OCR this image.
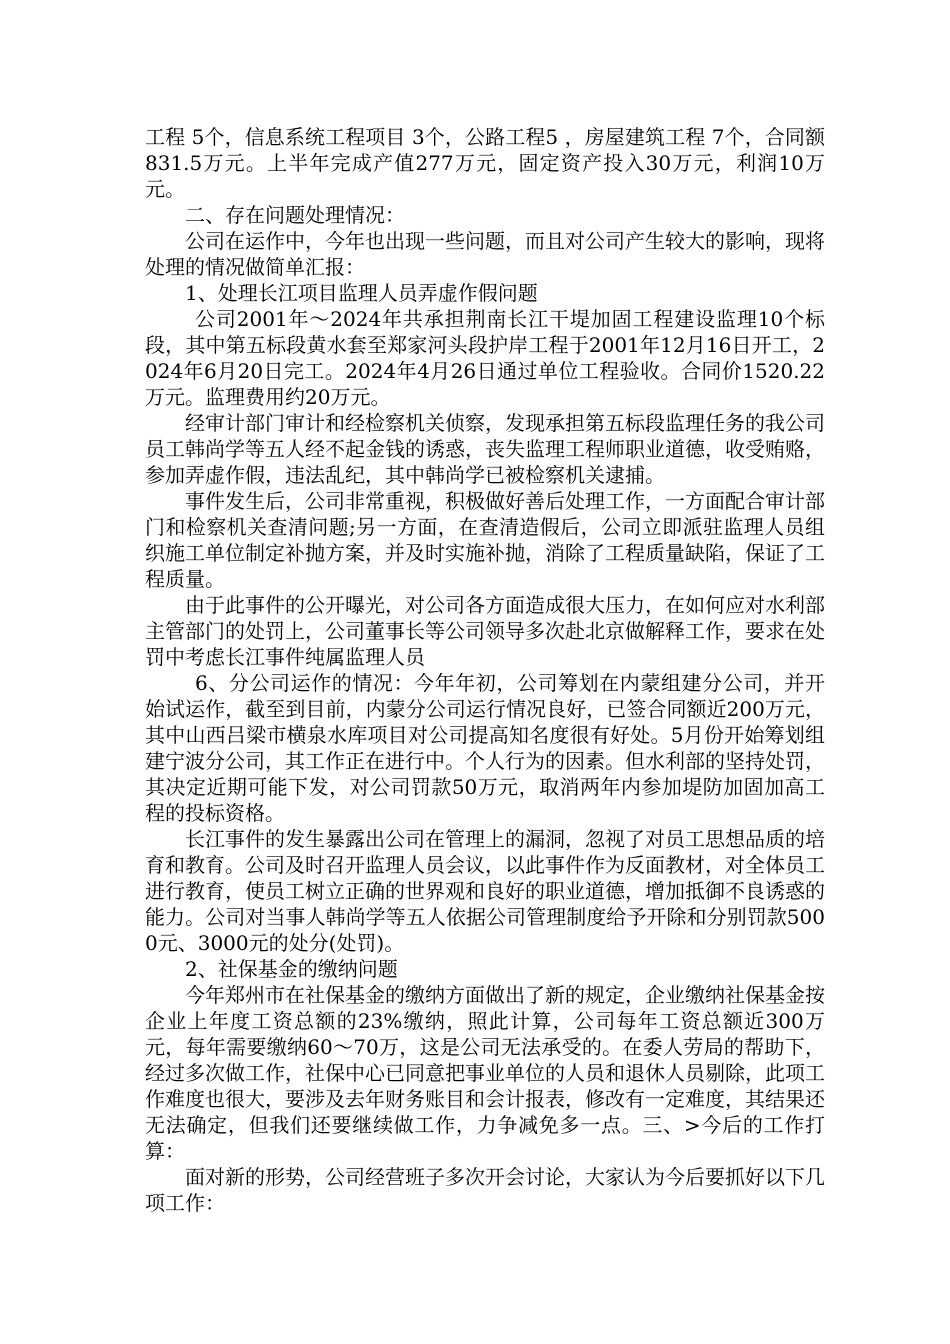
工程 5个，信息系统工程项目 3个，公路工程5 ，房屋建筑工程 7个，合同额831.5万元。上半年完成产值277万元，固定资产投入30万元，利润10万元。

二、存在问题处理情况：

公司在运作中，今年也出现一些问题，而且对公司产生较大的影响，现将处理的情况做简单汇报：

1、处理长江项目监理人员弄虚作假问题

公司2001年～2024年共承担荆南长江干堤加固工程建设监理10个标段，其中第五标段黄水套至郑家河头段护岸工程于2001年12月16日开工，2024年6月20日完工。2024年4月26日通过单位工程验收。合同价1520.22万元。监理费用约20万元。

经审计部门审计和经检察机关侦察，发现承担第五标段监理任务的我公司员工韩尚学等五人经不起金钱的诱惑，丧失监理工程师职业道德，收受贿赂，参加弄虚作假，违法乱纪，其中韩尚学已被检察机关逮捕。

事件发生后，公司非常重视，积极做好善后处理工作，一方面配合审计部门和检察机关查清问题;另一方面，在查清造假后，公司立即派驻监理人员组织施工单位制定补抛方案，并及时实施补抛，消除了工程质量缺陷，保证了工程质量。

由于此事件的公开曝光，对公司各方面造成很大压力，在如何应对水利部主管部门的处罚上，公司董事长等公司领导多次赴北京做解释工作，要求在处罚中考虑长江事件纯属监理人员

6、分公司运作的情况：今年年初，公司筹划在内蒙组建分公司，并开始试运作，截至到目前，内蒙分公司运行情况良好，已签合同额近200万元，其中山西吕梁市横泉水库项目对公司提高知名度很有好处。5月份开始筹划组建宁波分公司，其工作正在进行中。个人行为的因素。但水利部的坚持处罚，其决定近期可能下发，对公司罚款50万元，取消两年内参加堤防加固加高工程的投标资格。

长江事件的发生暴露出公司在管理上的漏洞，忽视了对员工思想品质的培育和教育。公司及时召开监理人员会议，以此事件作为反面教材，对全体员工进行教育，使员工树立正确的世界观和良好的职业道德，增加抵御不良诱惑的能力。公司对当事人韩尚学等五人依据公司管理制度给予开除和分别罚款5000元、3000元的处分(处罚)。

2、社保基金的缴纳问题

今年郑州市在社保基金的缴纳方面做出了新的规定，企业缴纳社保基金按企业上年度工资总额的23%缴纳，照此计算，公司每年工资总额近300万元，每年需要缴纳60～70万，这是公司无法承受的。在委人劳局的帮助下，经过多次做工作，社保中心已同意把事业单位的人员和退休人员剔除，此项工作难度也很大，要涉及去年财务账目和会计报表，修改有一定难度，其结果还无法确定，但我们还要继续做工作，力争减免多一点。三、>今后的工作打算：

面对新的形势，公司经营班子多次开会讨论，大家认为今后要抓好以下几项工作：
